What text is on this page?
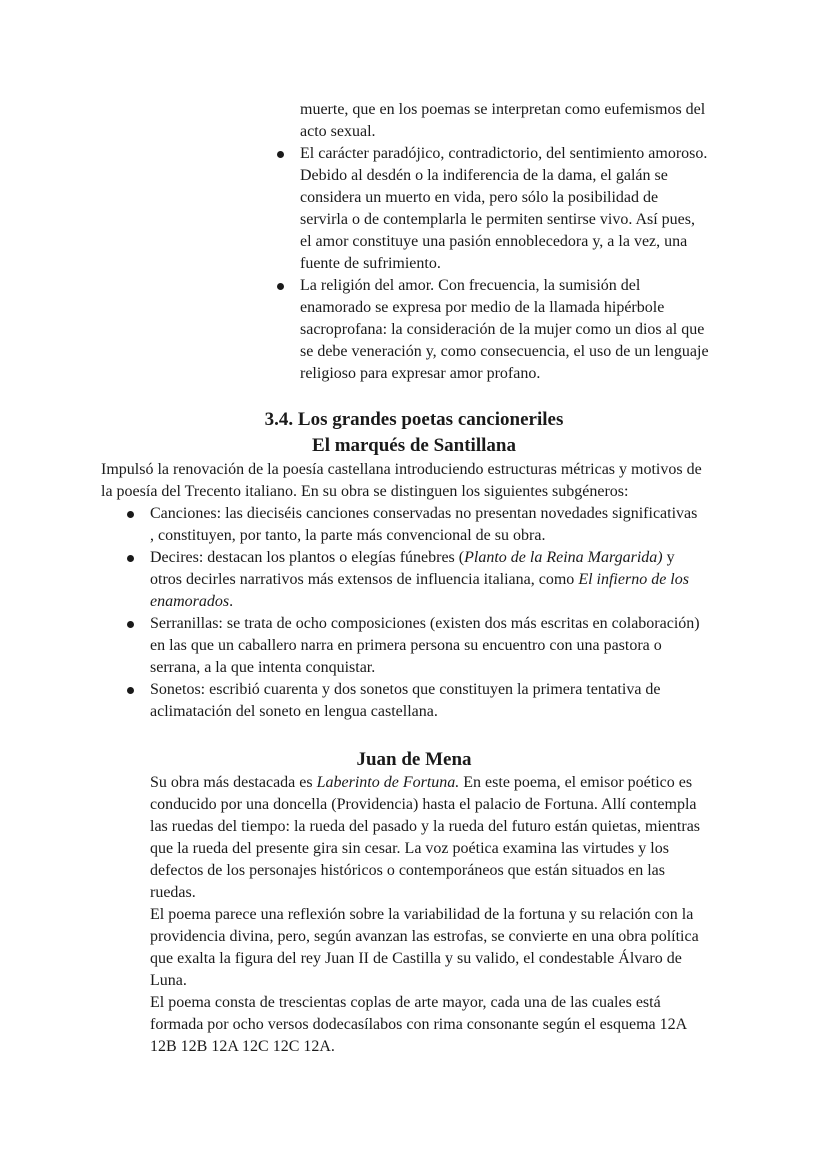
muerte, que en los poemas se interpretan como eufemismos del
acto sexual.
El carácter paradójico, contradictorio, del sentimiento amoroso.
Debido al desdén o la indiferencia de la dama, el galán se
considera un muerto en vida, pero sólo la posibilidad de
servirla o de contemplarla le permiten sentirse vivo. Así pues,
el amor constituye una pasión ennoblecedora y, a la vez, una
fuente de sufrimiento.
La religión del amor. Con frecuencia, la sumisión del
enamorado se expresa por medio de la llamada hipérbole
sacroprofana: la consideración de la mujer como un dios al que
se debe veneración y, como consecuencia, el uso de un lenguaje
religioso para expresar amor profano.
3.4. Los grandes poetas cancioneriles
El marqués de Santillana
Impulsó la renovación de la poesía castellana introduciendo estructuras métricas y motivos de
la poesía del Trecento italiano. En su obra se distinguen los siguientes subgéneros:
Canciones: las dieciséis canciones conservadas no presentan novedades significativas
, constituyen, por tanto, la parte más convencional de su obra.
Decires: destacan los plantos o elegías fúnebres (Planto de la Reina Margarida) y
otros decirles narrativos más extensos de influencia italiana, como El infierno de los
enamorados.
Serranillas: se trata de ocho composiciones (existen dos más escritas en colaboración)
en las que un caballero narra en primera persona su encuentro con una pastora o
serrana, a la que intenta conquistar.
Sonetos: escribió cuarenta y dos sonetos que constituyen la primera tentativa de
aclimatación del soneto en lengua castellana.
Juan de Mena
Su obra más destacada es Laberinto de Fortuna. En este poema, el emisor poético es
conducido por una doncella (Providencia) hasta el palacio de Fortuna. Allí contempla
las ruedas del tiempo: la rueda del pasado y la rueda del futuro están quietas, mientras
que la rueda del presente gira sin cesar. La voz poética examina las virtudes y los
defectos de los personajes históricos o contemporáneos que están situados en las
ruedas.
El poema parece una reflexión sobre la variabilidad de la fortuna y su relación con la
providencia divina, pero, según avanzan las estrofas, se convierte en una obra política
que exalta la figura del rey Juan II de Castilla y su valido, el condestable Álvaro de
Luna.
El poema consta de trescientas coplas de arte mayor, cada una de las cuales está
formada por ocho versos dodecasílabos con rima consonante según el esquema 12A
12B 12B 12A 12C 12C 12A.
